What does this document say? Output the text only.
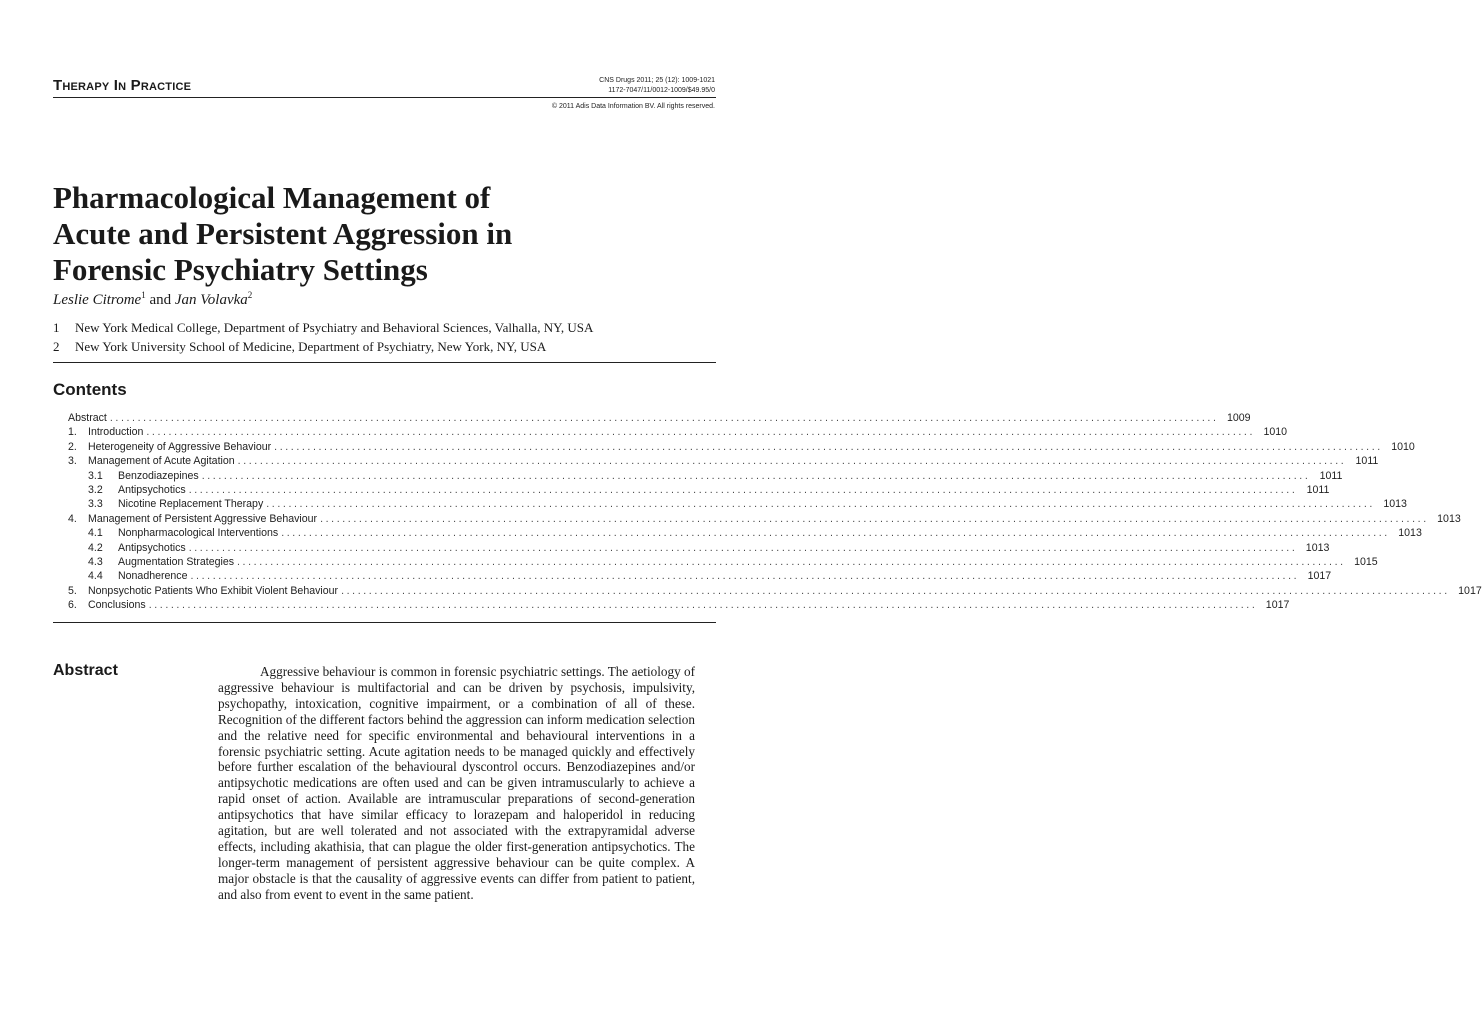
Therapy In Practice	CNS Drugs 2011; 25 (12): 1009-1021
1172-7047/11/0012-1009/$49.95/0
© 2011 Adis Data Information BV. All rights reserved.
Pharmacological Management of
Acute and Persistent Aggression in
Forensic Psychiatry Settings
Leslie Citrome$^1$ and Jan Volavka$^2$
1 New York Medical College, Department of Psychiatry and Behavioral Sciences, Valhalla, NY, USA
2 New York University School of Medicine, Department of Psychiatry, New York, NY, USA
Contents
Abstract ........................................................................................................................................................................................................ 1009
1.	Introduction ........................................................................................................................................................................................................ 1010
2.	Heterogeneity of Aggressive Behaviour ........................................................................................................................................................................................................ 1010
3.	Management of Acute Agitation ........................................................................................................................................................................................................ 1011
3.1	Benzodiazepines ........................................................................................................................................................................................................ 1011
3.2	Antipsychotics ........................................................................................................................................................................................................ 1011
3.3	Nicotine Replacement Therapy ........................................................................................................................................................................................................ 1013
4.	Management of Persistent Aggressive Behaviour ........................................................................................................................................................................................................ 1013
4.1	Nonpharmacological Interventions ........................................................................................................................................................................................................ 1013
4.2	Antipsychotics ........................................................................................................................................................................................................ 1013
4.3	Augmentation Strategies ........................................................................................................................................................................................................ 1015
4.4	Nonadherence ........................................................................................................................................................................................................ 1017
5.	Nonpsychotic Patients Who Exhibit Violent Behaviour ........................................................................................................................................................................................................ 1017
6.	Conclusions ........................................................................................................................................................................................................ 1017
Abstract	Aggressive behaviour is common in forensic psychiatric settings. The aetiology of aggressive behaviour is multifactorial and can be driven by psychosis, impulsivity, psychopathy, intoxication, cognitive impairment, or a combination of all of these. Recognition of the different factors behind the aggression can inform medication selection and the relative need for specific environmental and behavioural interventions in a forensic psychiatric setting. Acute agitation needs to be managed quickly and effectively before further escalation of the behavioural dyscontrol occurs. Benzodiazepines and/or antipsychotic medications are often used and can be given intramuscularly to achieve a rapid onset of action. Available are intramuscular preparations of second-generation antipsychotics that have similar efficacy to lorazepam and haloperidol in reducing agitation, but are well tolerated and not associated with the extrapyramidal adverse effects, including akathisia, that can plague the older first-generation antipsychotics. The longer-term management of persistent aggressive behaviour can be quite complex. A major obstacle is that the causality of aggressive events can differ from patient to patient, and also from event to event in the same patient.
